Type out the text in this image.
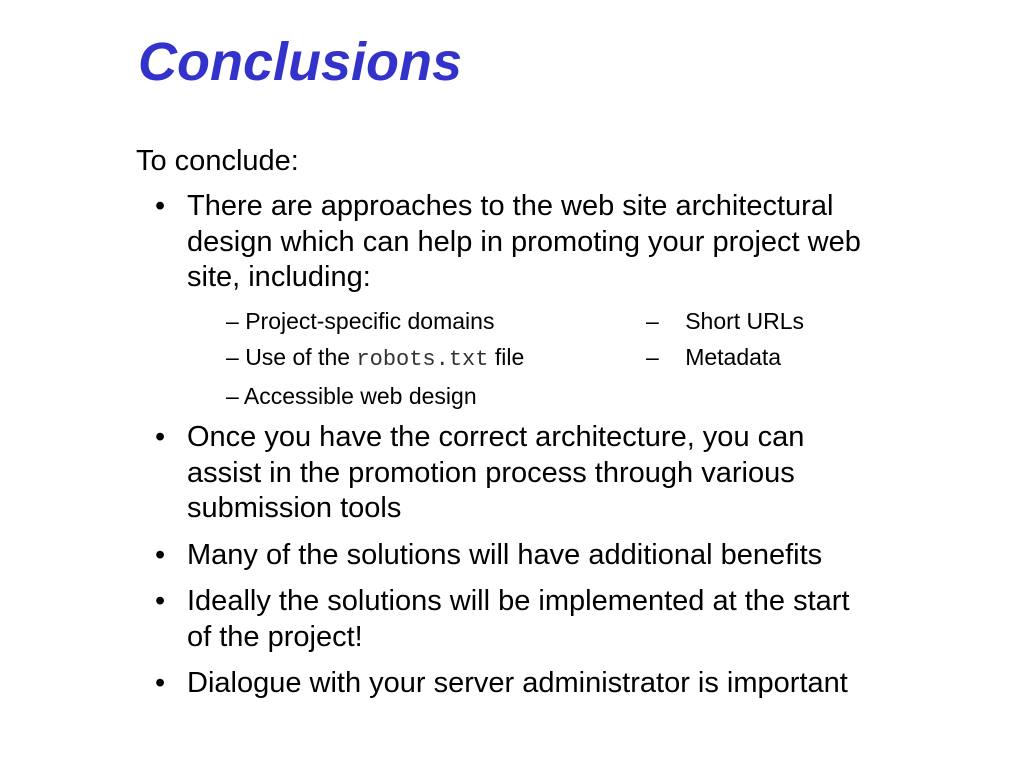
Conclusions
To conclude:
• There are approaches to the web site architectural
design which can help in promoting your project web
site, including:
– Project-specific domains
– Use of the robots.txt file
– Accessible web design
– Short URLs
– Metadata
• Once you have the correct architecture, you can
assist in the promotion process through various
submission tools
• Many of the solutions will have additional benefits
• Ideally the solutions will be implemented at the start
of the project!
• Dialogue with your server administrator is important
